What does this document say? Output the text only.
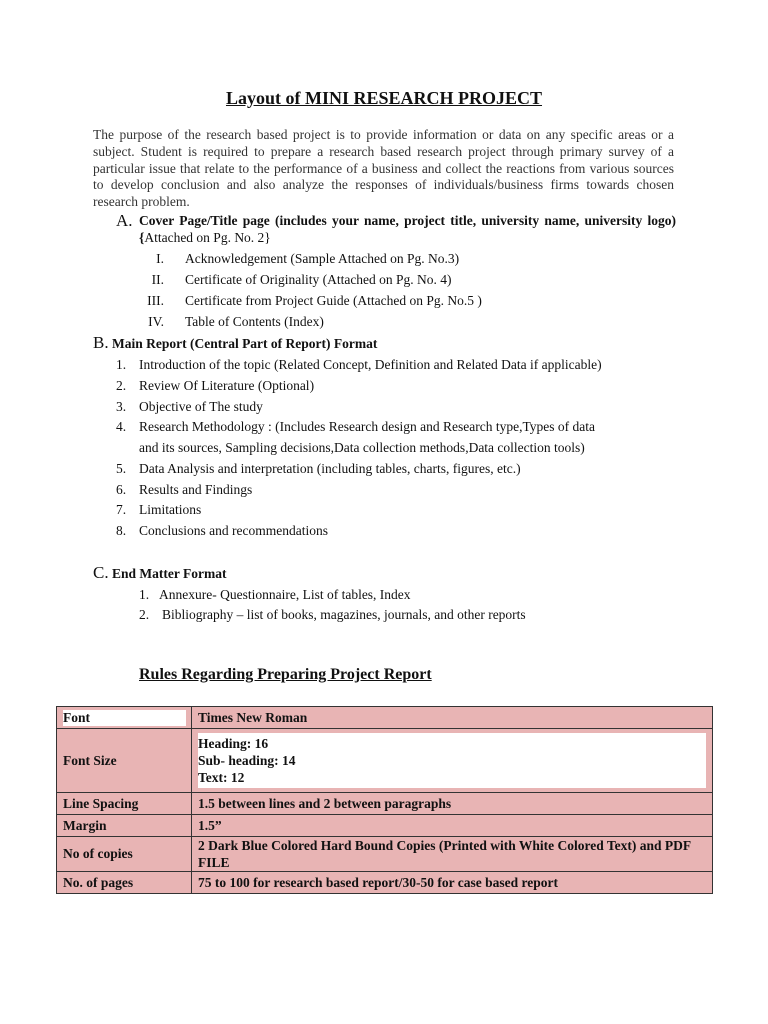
Layout of MINI RESEARCH PROJECT
The purpose of the research based project is to provide information or data on any specific areas or a subject. Student is required to prepare a research based research project through primary survey of a particular issue that relate to the performance of a business and collect the reactions from various sources to develop conclusion and also analyze the responses of individuals/business firms towards chosen research problem.
A. Cover Page/Title page (includes your name, project title, university name, university logo) {Attached on Pg. No. 2}
I. Acknowledgement (Sample Attached on Pg. No.3)
II. Certificate of Originality (Attached on Pg. No. 4)
III. Certificate from Project Guide (Attached on Pg. No.5 )
IV. Table of Contents (Index)
B. Main Report (Central Part of Report) Format
1. Introduction of the topic (Related Concept, Definition and Related Data if applicable)
2. Review Of Literature (Optional)
3. Objective of The study
4. Research Methodology : (Includes Research design and Research type,Types of data
and its sources, Sampling decisions,Data collection methods,Data collection tools)
5. Data Analysis and interpretation (including tables, charts, figures, etc.)
6. Results and Findings
7. Limitations
8. Conclusions and recommendations
C. End Matter Format
1. Annexure- Questionnaire, List of tables, Index
2. Bibliography – list of books, magazines, journals, and other reports
Rules Regarding Preparing Project Report
Font	Times New Roman
Font Size	Heading: 16
Sub- heading: 14
Text: 12

Line Spacing	1.5 between lines and 2 between paragraphs
Margin	1.5”
No of copies	2 Dark Blue Colored Hard Bound Copies (Printed with White Colored Text) and PDF FILE
No. of pages	75 to 100 for research based report/30-50 for case based report
